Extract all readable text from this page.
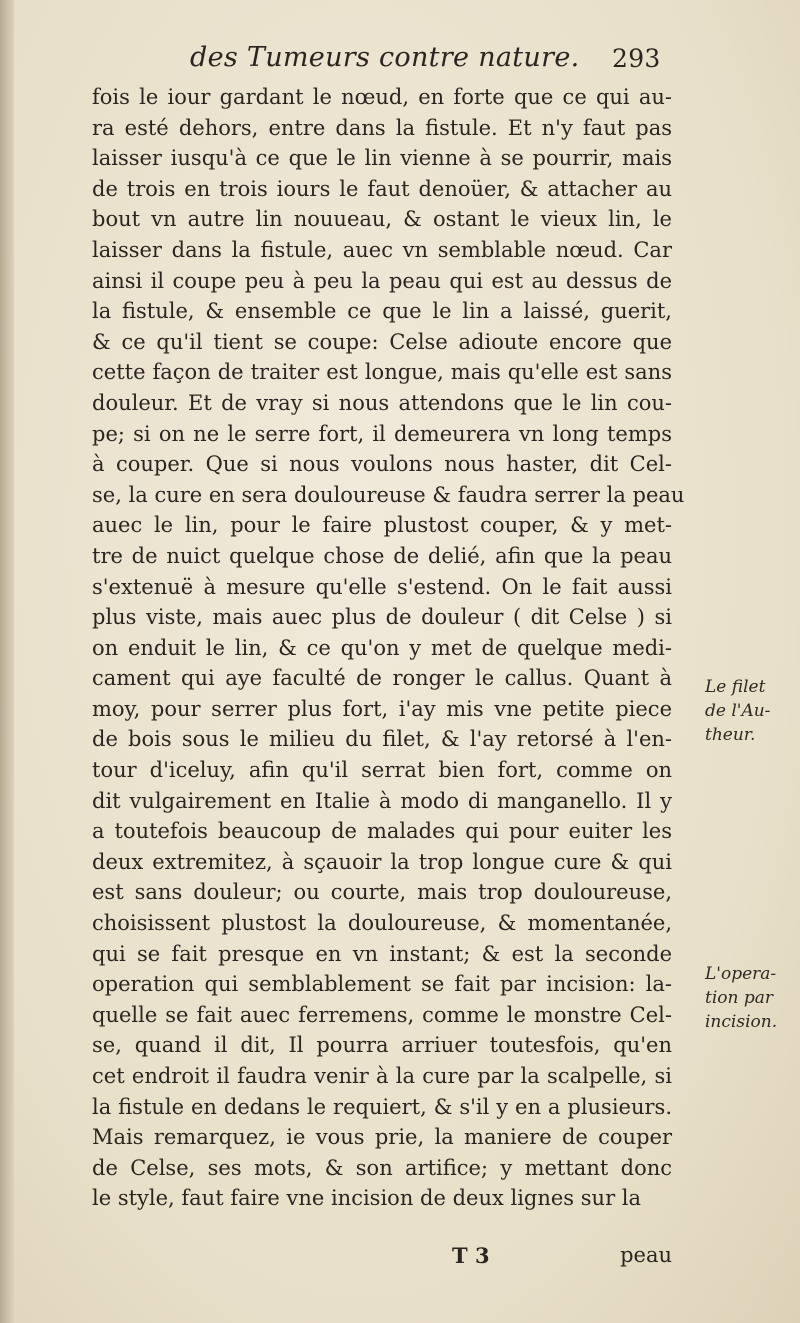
des Tumeurs contre nature. 293
fois le iour gardant le nœud, en forte que ce qui au-
ra esté dehors, entre dans la fistule. Et n'y faut pas
laisser iusqu'à ce que le lin vienne à se pourrir, mais
de trois en trois iours le faut denoüer, & attacher au
bout vn autre lin nouueau, & ostant le vieux lin, le
laisser dans la fistule, auec vn semblable nœud. Car
ainsi il coupe peu à peu la peau qui est au dessus de
la fistule, & ensemble ce que le lin a laissé, guerit,
& ce qu'il tient se coupe: Celse adioute encore que
cette façon de traiter est longue, mais qu'elle est sans
douleur. Et de vray si nous attendons que le lin cou-
pe; si on ne le serre fort, il demeurera vn long temps
à couper. Que si nous voulons nous haster, dit Cel-
se, la cure en sera douloureuse & faudra serrer la peau
auec le lin, pour le faire plustost couper, & y met-
tre de nuict quelque chose de delié, afin que la peau
s'extenuë à mesure qu'elle s'estend. On le fait aussi
plus viste, mais auec plus de douleur ( dit Celse ) si
on enduit le lin, & ce qu'on y met de quelque medi-
cament qui aye faculté de ronger le callus. Quant à
moy, pour serrer plus fort, i'ay mis vne petite piece
de bois sous le milieu du filet, & l'ay retorsé à l'en-
tour d'iceluy, afin qu'il serrat bien fort, comme on
dit vulgairement en Italie à modo di manganello. Il y
a toutefois beaucoup de malades qui pour euiter les
deux extremitez, à sçauoir la trop longue cure & qui
est sans douleur; ou courte, mais trop douloureuse,
choisissent plustost la douloureuse, & momentanée,
qui se fait presque en vn instant; & est la seconde
operation qui semblablement se fait par incision: la-
quelle se fait auec ferremens, comme le monstre Cel-
se, quand il dit, Il pourra arriuer toutesfois, qu'en
cet endroit il faudra venir à la cure par la scalpelle, si
la fistule en dedans le requiert, & s'il y en a plusieurs.
Mais remarquez, ie vous prie, la maniere de couper
de Celse, ses mots, & son artifice; y mettant donc
le style, faut faire vne incision de deux lignes sur la
Le filet
de l'Au-
theur.
L'opera-
tion par
incision.
T 3	peau
